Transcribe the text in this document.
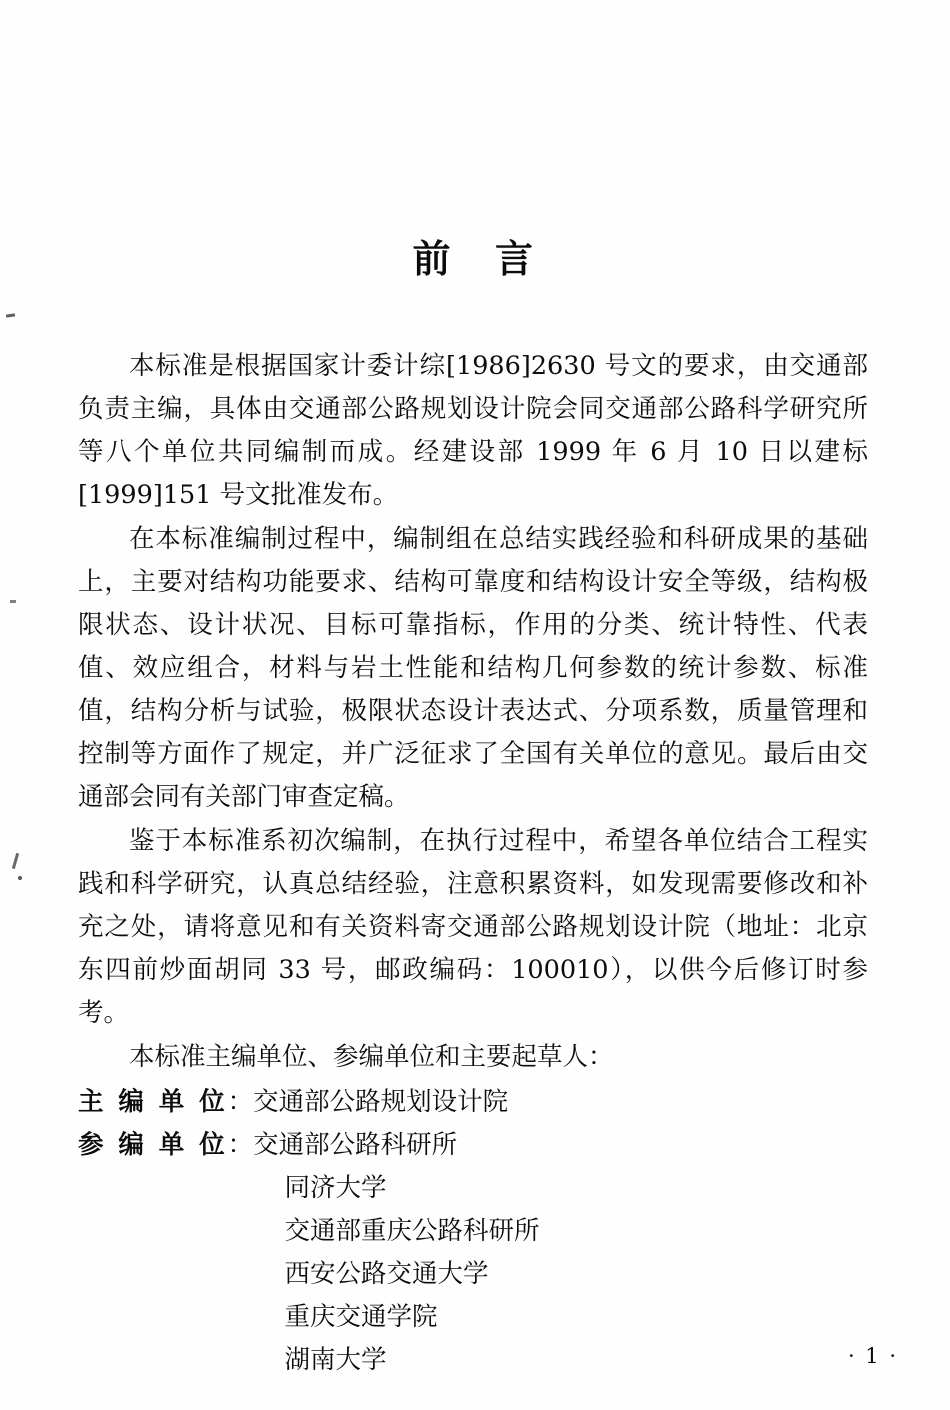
前 言

本标准是根据国家计委计综[1986]2630 号文的要求，由交通部负责主编，具体由交通部公路规划设计院会同交通部公路科学研究所等八个单位共同编制而成。经建设部 1999 年 6 月 10 日以建标[1999]151 号文批准发布。

在本标准编制过程中，编制组在总结实践经验和科研成果的基础上，主要对结构功能要求、结构可靠度和结构设计安全等级，结构极限状态、设计状况、目标可靠指标，作用的分类、统计特性、代表值、效应组合，材料与岩土性能和结构几何参数的统计参数、标准值，结构分析与试验，极限状态设计表达式、分项系数，质量管理和控制等方面作了规定，并广泛征求了全国有关单位的意见。最后由交通部会同有关部门审查定稿。

鉴于本标准系初次编制，在执行过程中，希望各单位结合工程实践和科学研究，认真总结经验，注意积累资料，如发现需要修改和补充之处，请将意见和有关资料寄交通部公路规划设计院（地址：北京东四前炒面胡同 33 号，邮政编码：100010），以供今后修订时参考。

本标准主编单位、参编单位和主要起草人：

主 编 单 位：交通部公路规划设计院
参 编 单 位：交通部公路科研所
同济大学
交通部重庆公路科研所
西安公路交通大学
重庆交通学院
湖南大学	· 1 ·
